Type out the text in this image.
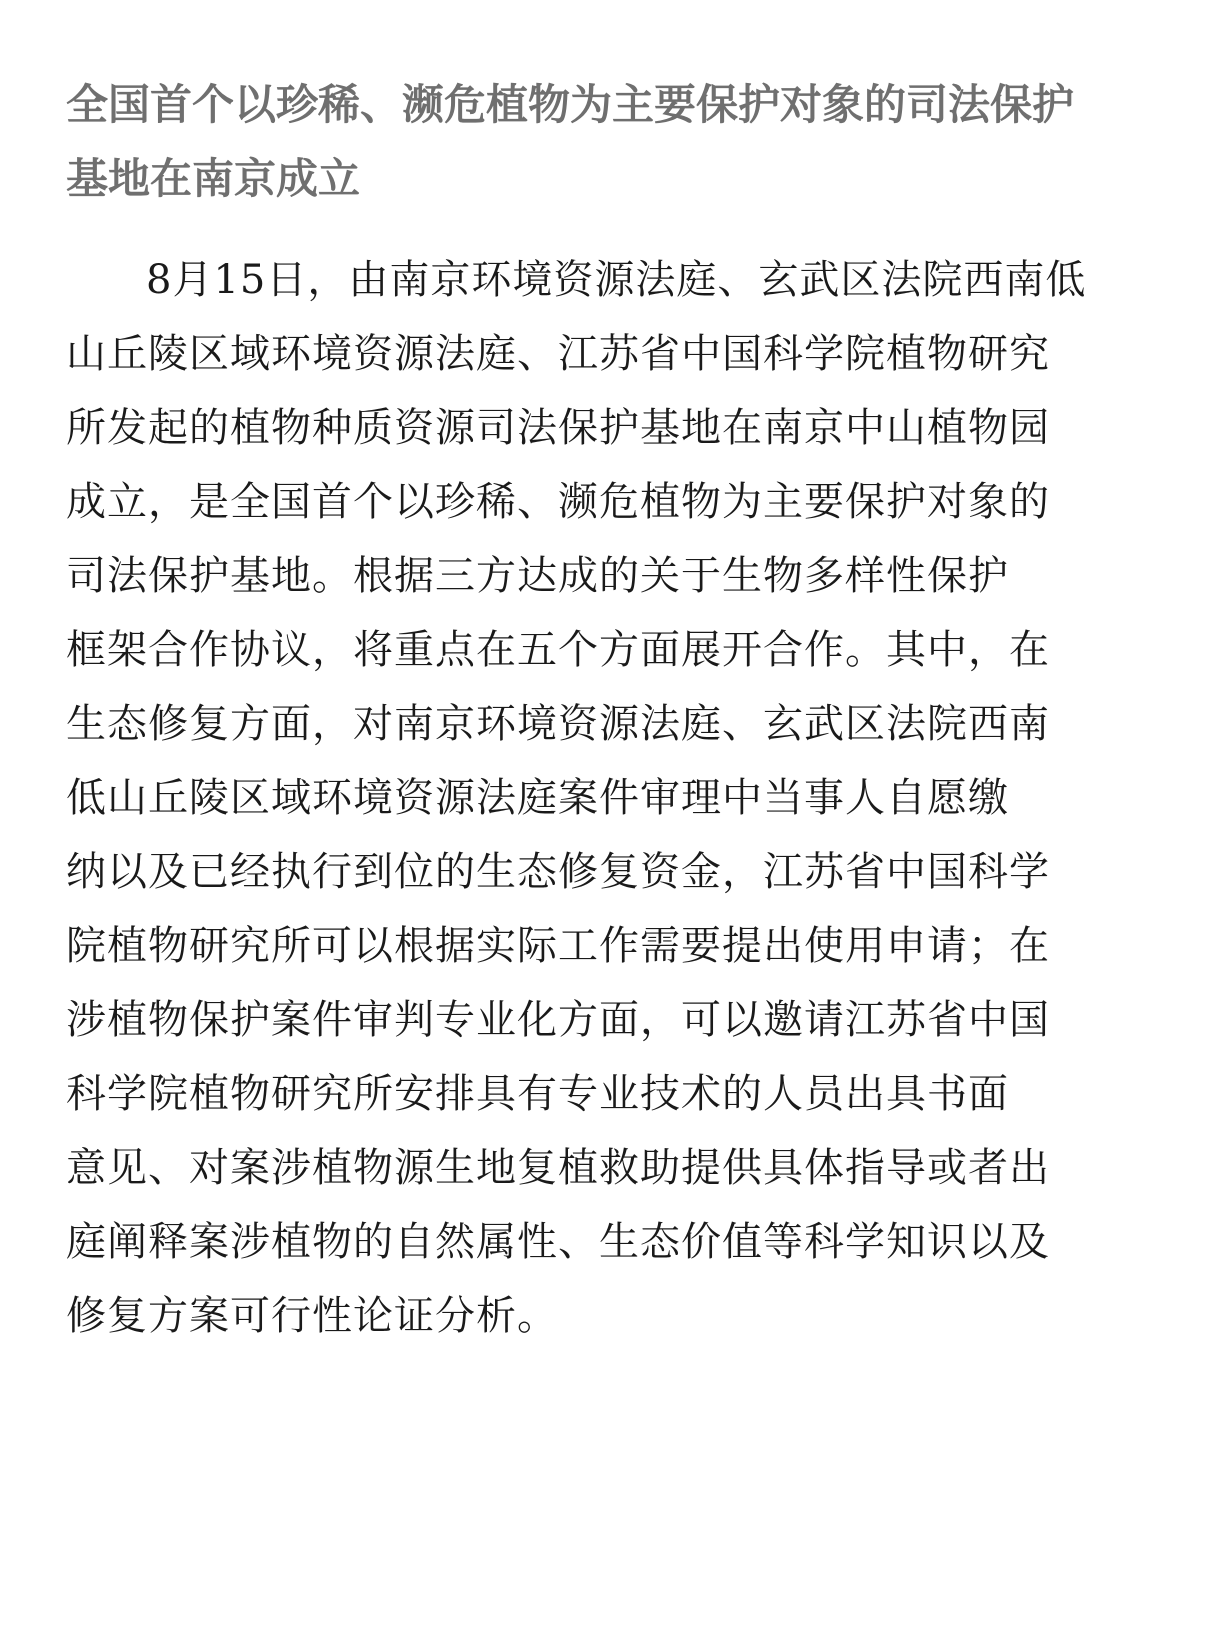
全国首个以珍稀、濒危植物为主要保护对象的司法保护
基地在南京成立
8月15日，由南京环境资源法庭、玄武区法院西南低
山丘陵区域环境资源法庭、江苏省中国科学院植物研究
所发起的植物种质资源司法保护基地在南京中山植物园
成立，是全国首个以珍稀、濒危植物为主要保护对象的
司法保护基地。根据三方达成的关于生物多样性保护
框架合作协议，将重点在五个方面展开合作。其中，在
生态修复方面，对南京环境资源法庭、玄武区法院西南
低山丘陵区域环境资源法庭案件审理中当事人自愿缴
纳以及已经执行到位的生态修复资金，江苏省中国科学
院植物研究所可以根据实际工作需要提出使用申请；在
涉植物保护案件审判专业化方面，可以邀请江苏省中国
科学院植物研究所安排具有专业技术的人员出具书面
意见、对案涉植物源生地复植救助提供具体指导或者出
庭阐释案涉植物的自然属性、生态价值等科学知识以及
修复方案可行性论证分析。
